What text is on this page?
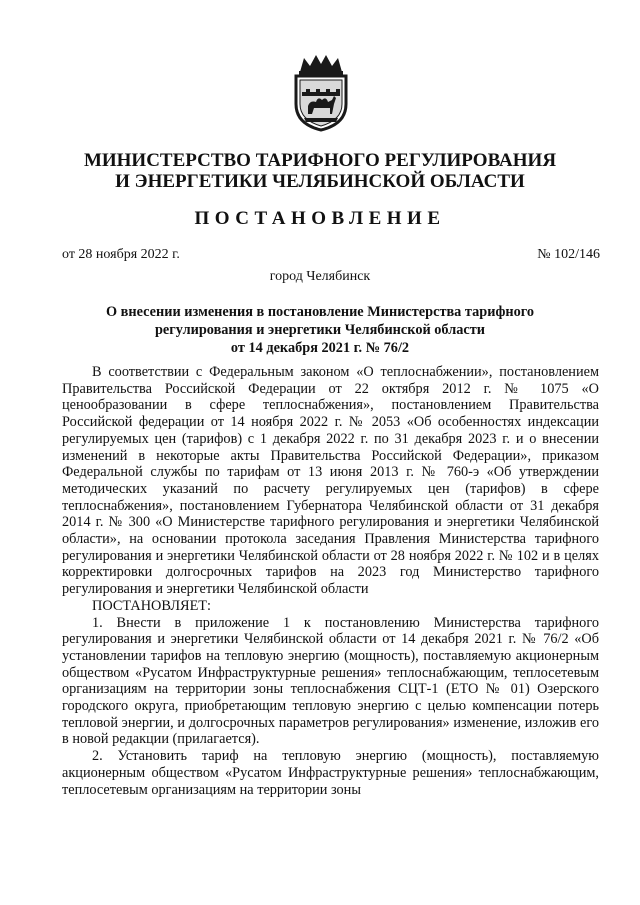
МИНИСТЕРСТВО ТАРИФНОГО РЕГУЛИРОВАНИЯ
И ЭНЕРГЕТИКИ ЧЕЛЯБИНСКОЙ ОБЛАСТИ
ПОСТАНОВЛЕНИЕ
от 28 ноября 2022 г.	№ 102/146
город Челябинск
О внесении изменения в постановление Министерства тарифного
регулирования и энергетики Челябинской области
от 14 декабря 2021 г. № 76/2

В соответствии с Федеральным законом «О теплоснабжении», постановлением Правительства Российской Федерации от 22 октября 2012 г. № 1075 «О ценообразовании в сфере теплоснабжения», постановлением Правительства Российской федерации от 14 ноября 2022 г. № 2053 «Об особенностях индексации регулируемых цен (тарифов) с 1 декабря 2022 г. по 31 декабря 2023 г. и о внесении изменений в некоторые акты Правительства Российской Федерации», приказом Федеральной службы по тарифам от 13 июня 2013 г. № 760-э «Об утверждении методических указаний по расчету регулируемых цен (тарифов) в сфере теплоснабжения», постановлением Губернатора Челябинской области от 31 декабря 2014 г. № 300 «О Министерстве тарифного регулирования и энергетики Челябинской области», на основании протокола заседания Правления Министерства тарифного регулирования и энергетики Челябинской области от 28 ноября 2022 г. № 102 и в целях корректировки долгосрочных тарифов на 2023 год Министерство тарифного регулирования и энергетики Челябинской области

ПОСТАНОВЛЯЕТ:

1. Внести в приложение 1 к постановлению Министерства тарифного регулирования и энергетики Челябинской области от 14 декабря 2021 г. № 76/2 «Об установлении тарифов на тепловую энергию (мощность), поставляемую акционерным обществом «Русатом Инфраструктурные решения» теплоснабжающим, теплосетевым организациям на территории зоны теплоснабжения СЦТ-1 (ЕТО № 01) Озерского городского округа, приобретающим тепловую энергию с целью компенсации потерь тепловой энергии, и долгосрочных параметров регулирования» изменение, изложив его в новой редакции (прилагается).

2. Установить тариф на тепловую энергию (мощность), поставляемую акционерным обществом «Русатом Инфраструктурные решения» теплоснабжающим, теплосетевым организациям на территории зоны
